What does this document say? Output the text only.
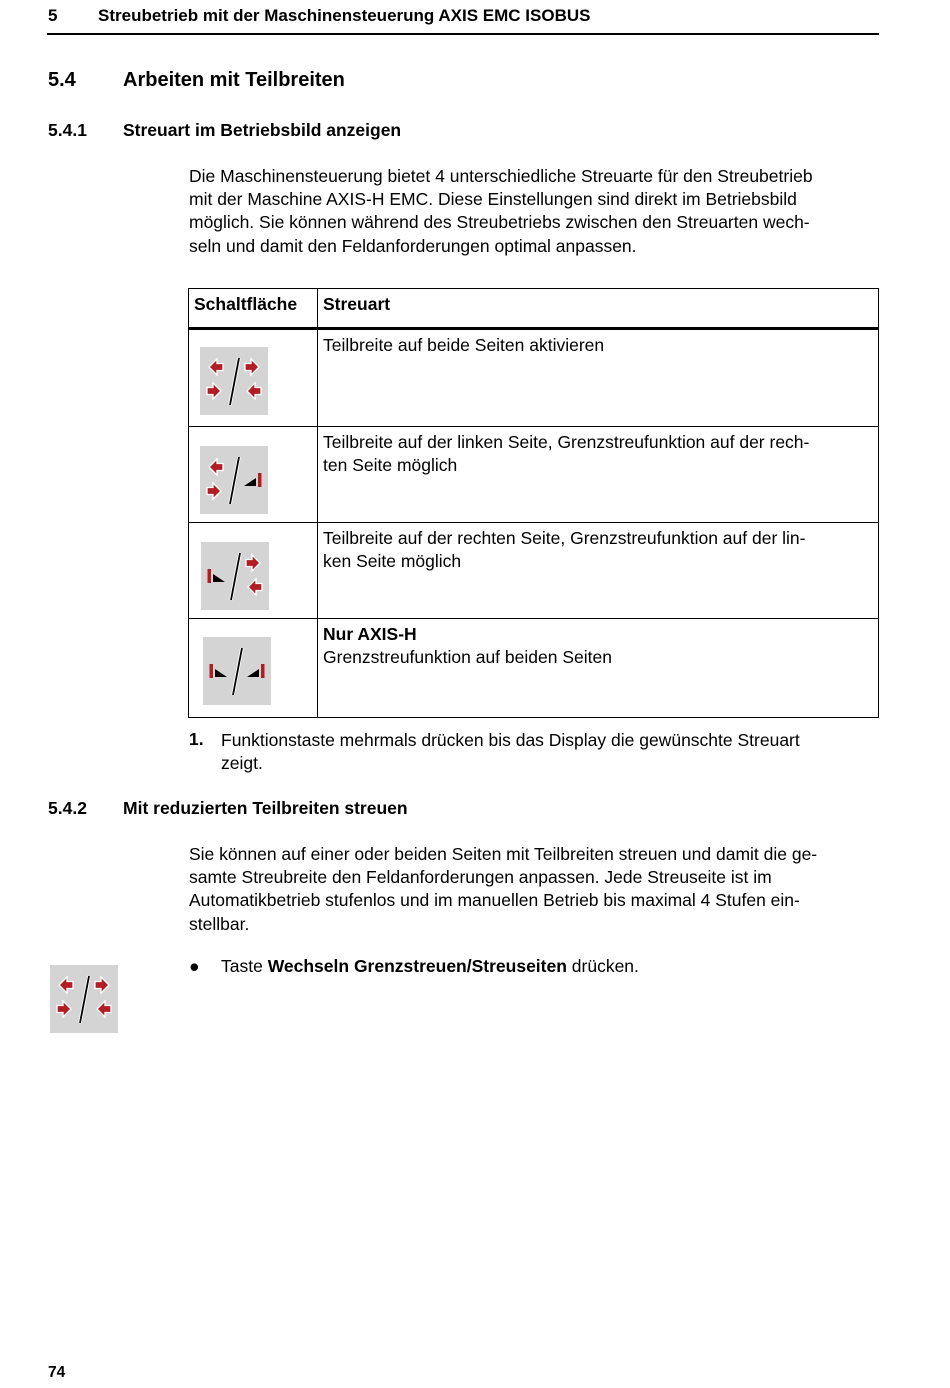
5 Streubetrieb mit der Maschinensteuerung AXIS EMC ISOBUS
5.4 Arbeiten mit Teilbreiten
5.4.1 Streuart im Betriebsbild anzeigen
Die Maschinensteuerung bietet 4 unterschiedliche Streuarte für den Streubetrieb
mit der Maschine AXIS-H EMC. Diese Einstellungen sind direkt im Betriebsbild
möglich. Sie können während des Streubetriebs zwischen den Streuarten wech-
seln und damit den Feldanforderungen optimal anpassen.
Schaltfläche	Streuart

Teilbreite auf beide Seiten aktivieren

Teilbreite auf der linken Seite, Grenzstreufunktion auf der rech-
ten Seite möglich

Teilbreite auf der rechten Seite, Grenzstreufunktion auf der lin-
ken Seite möglich

Nur AXIS-H
Grenzstreufunktion auf beiden Seiten
1. Funktionstaste mehrmals drücken bis das Display die gewünschte Streuart
zeigt.
5.4.2 Mit reduzierten Teilbreiten streuen
Sie können auf einer oder beiden Seiten mit Teilbreiten streuen und damit die ge-
samte Streubreite den Feldanforderungen anpassen. Jede Streuseite ist im
Automatikbetrieb stufenlos und im manuellen Betrieb bis maximal 4 Stufen ein-
stellbar.
● Taste Wechseln Grenzstreuen/Streuseiten drücken.
74
